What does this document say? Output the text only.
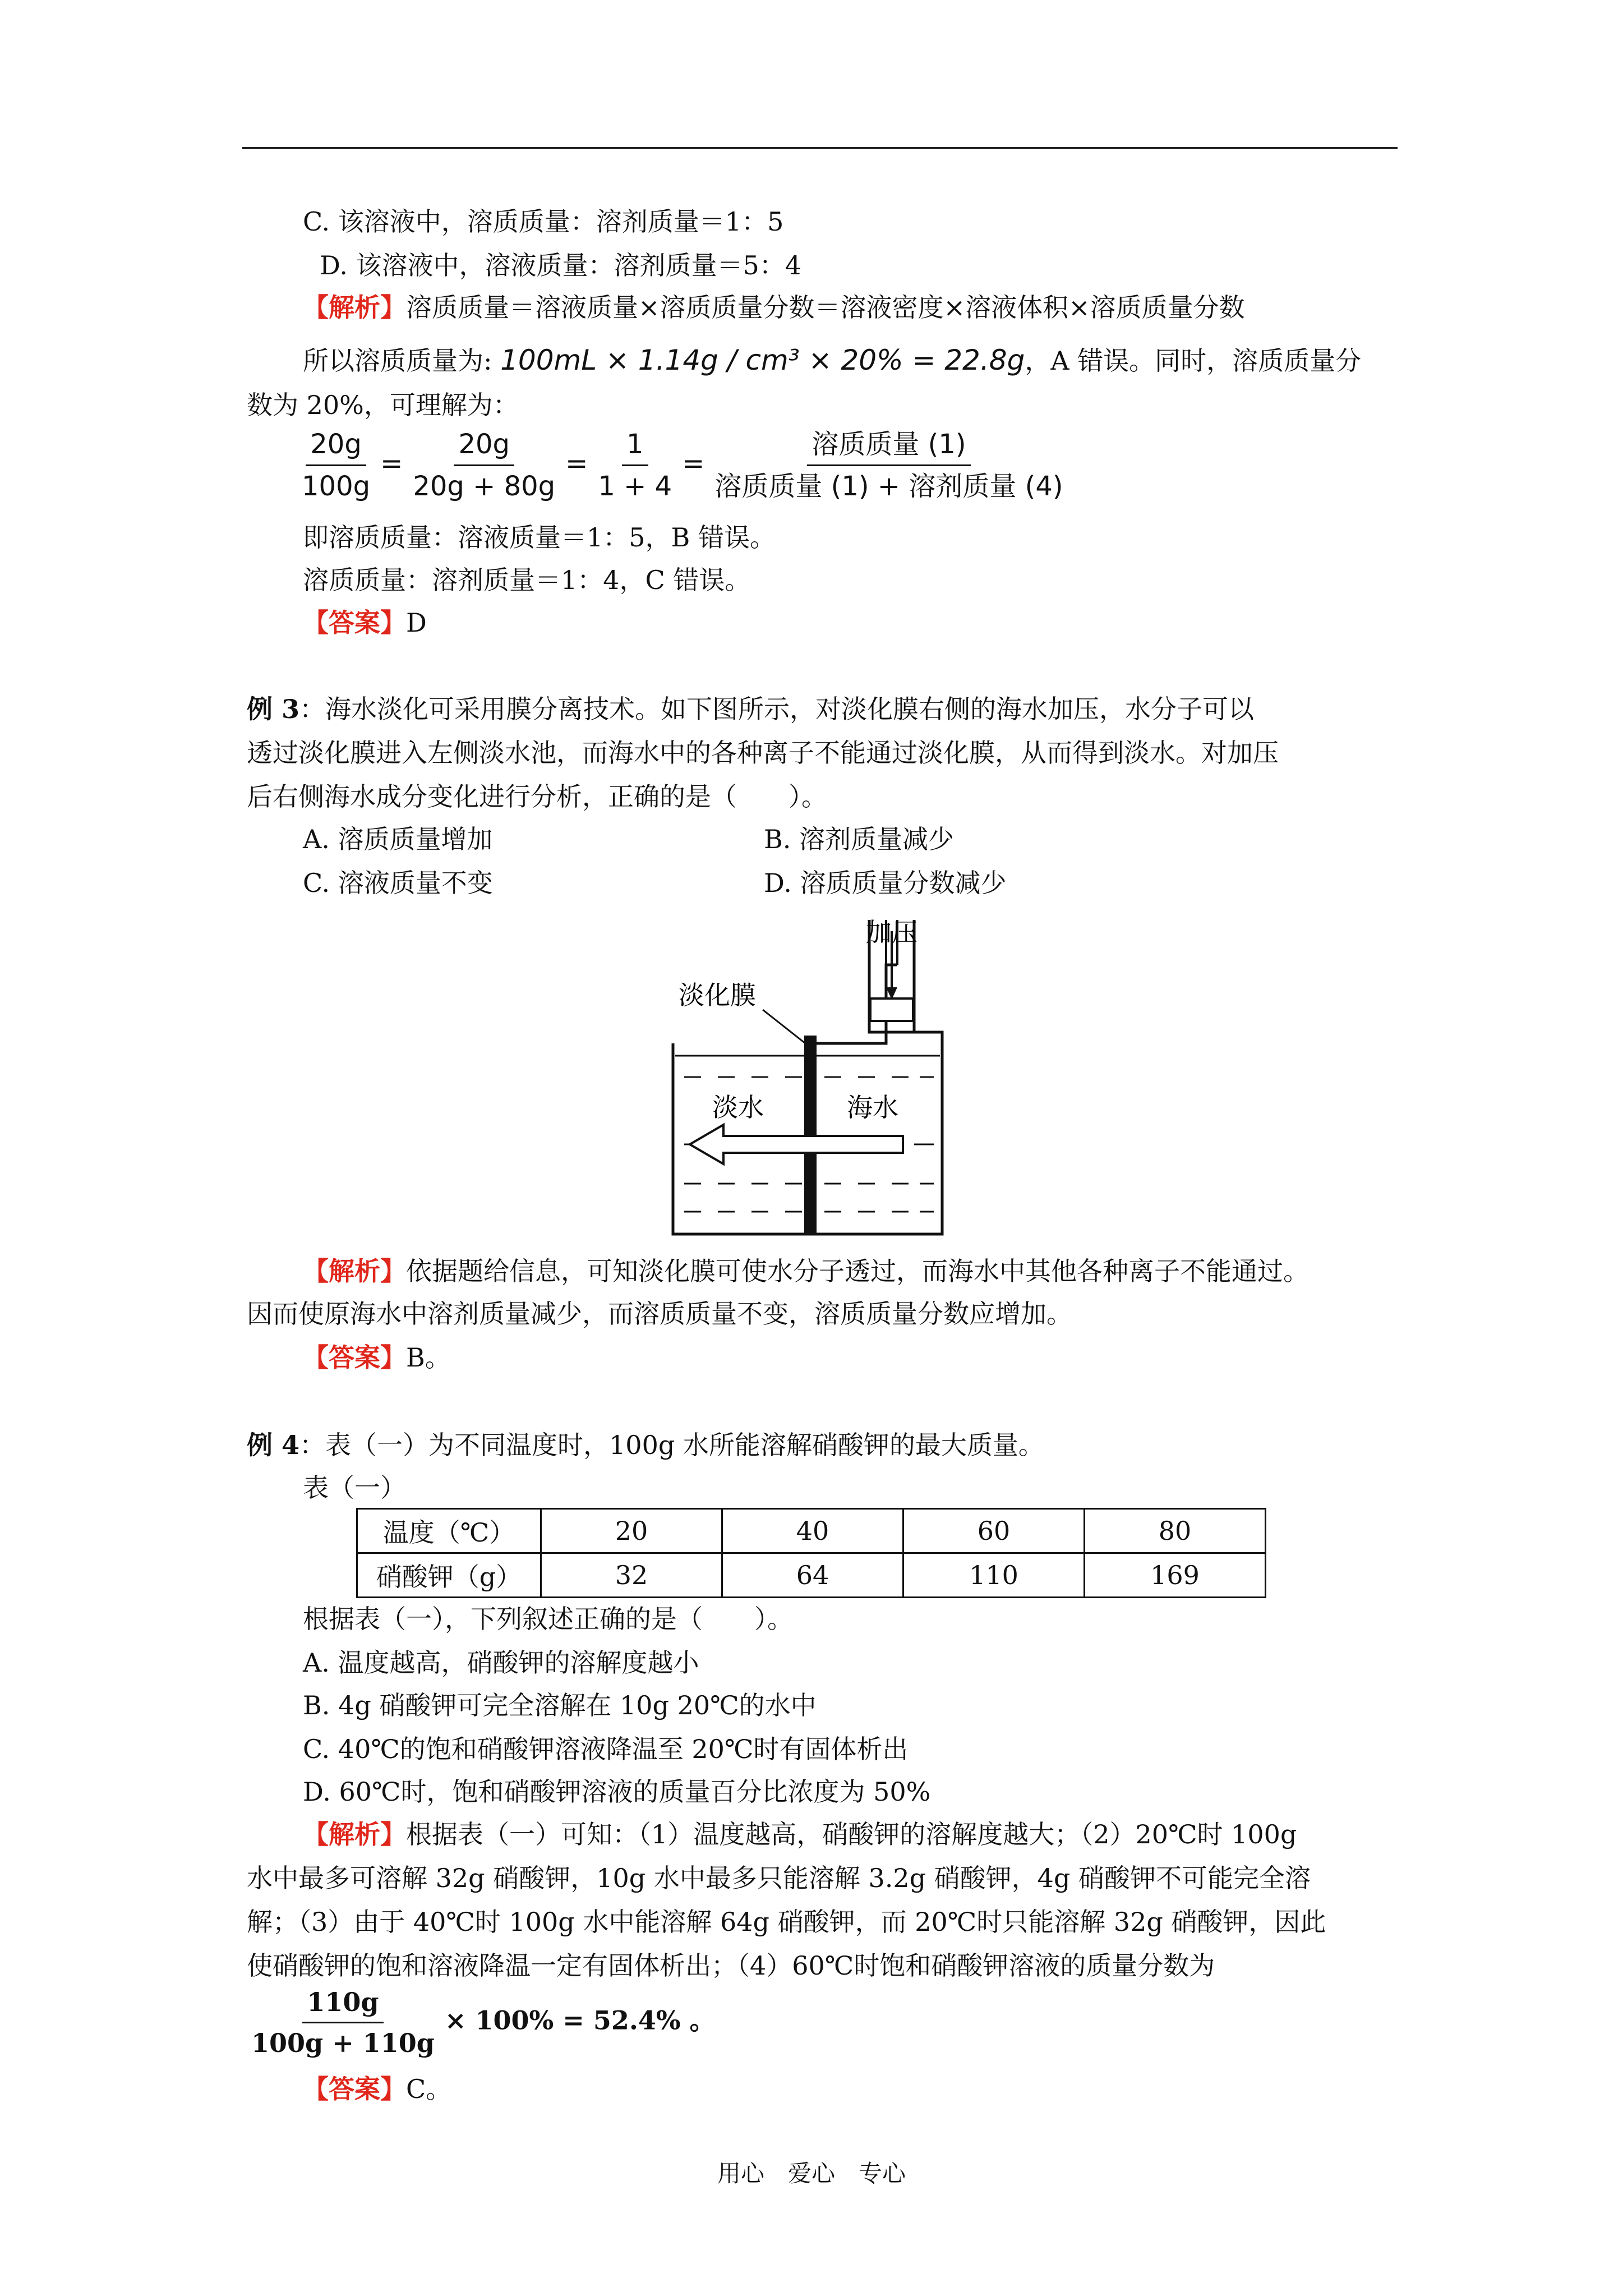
C. 该溶液中，溶质质量：溶剂质量＝1：5
D. 该溶液中，溶液质量：溶剂质量＝5：4
【解析】溶质质量＝溶液质量×溶质质量分数＝溶液密度×溶液体积×溶质质量分数
所以溶质质量为: 100mL × 1.14g / cm³ × 20% = 22.8g，A 错误。同时，溶质质量分
数为 20%，可理解为：
$\frac{20g}{100g} = \frac{20g}{20g + 80g} = \frac{1}{1 + 4} = \frac{\text{溶质质量 (1)}}{\text{溶质质量 (1) + 溶剂质量 (4)}}$
即溶质质量：溶液质量＝1：5，B 错误。
溶质质量：溶剂质量＝1：4，C 错误。
【答案】D
例 3：海水淡化可采用膜分离技术。如下图所示，对淡化膜右侧的海水加压，水分子可以
透过淡化膜进入左侧淡水池，而海水中的各种离子不能通过淡化膜，从而得到淡水。对加压
后右侧海水成分变化进行分析，正确的是（　　）。
A. 溶质质量增加	B. 溶剂质量减少
C. 溶液质量不变	D. 溶质质量分数减少
加压
淡化膜
淡水	海水
【解析】依据题给信息，可知淡化膜可使水分子透过，而海水中其他各种离子不能通过。
因而使原海水中溶剂质量减少，而溶质质量不变，溶质质量分数应增加。
【答案】B。
例 4：表（一）为不同温度时，100g 水所能溶解硝酸钾的最大质量。
表（一）
温度（℃）	20	40	60	80
硝酸钾（g）	32	64	110	169
根据表（一），下列叙述正确的是（　　）。
A. 温度越高，硝酸钾的溶解度越小
B. 4g 硝酸钾可完全溶解在 10g 20℃的水中
C. 40℃的饱和硝酸钾溶液降温至 20℃时有固体析出
D. 60℃时，饱和硝酸钾溶液的质量百分比浓度为 50%
【解析】根据表（一）可知：（1）温度越高，硝酸钾的溶解度越大；（2）20℃时 100g
水中最多可溶解 32g 硝酸钾，10g 水中最多只能溶解 3.2g 硝酸钾，4g 硝酸钾不可能完全溶
解；（3）由于 40℃时 100g 水中能溶解 64g 硝酸钾，而 20℃时只能溶解 32g 硝酸钾，因此
使硝酸钾的饱和溶液降温一定有固体析出；（4）60℃时饱和硝酸钾溶液的质量分数为
$\frac{110g}{100g + 110g} \times 100\% = 52.4\%$ 。
【答案】C。
用心　爱心　专心
